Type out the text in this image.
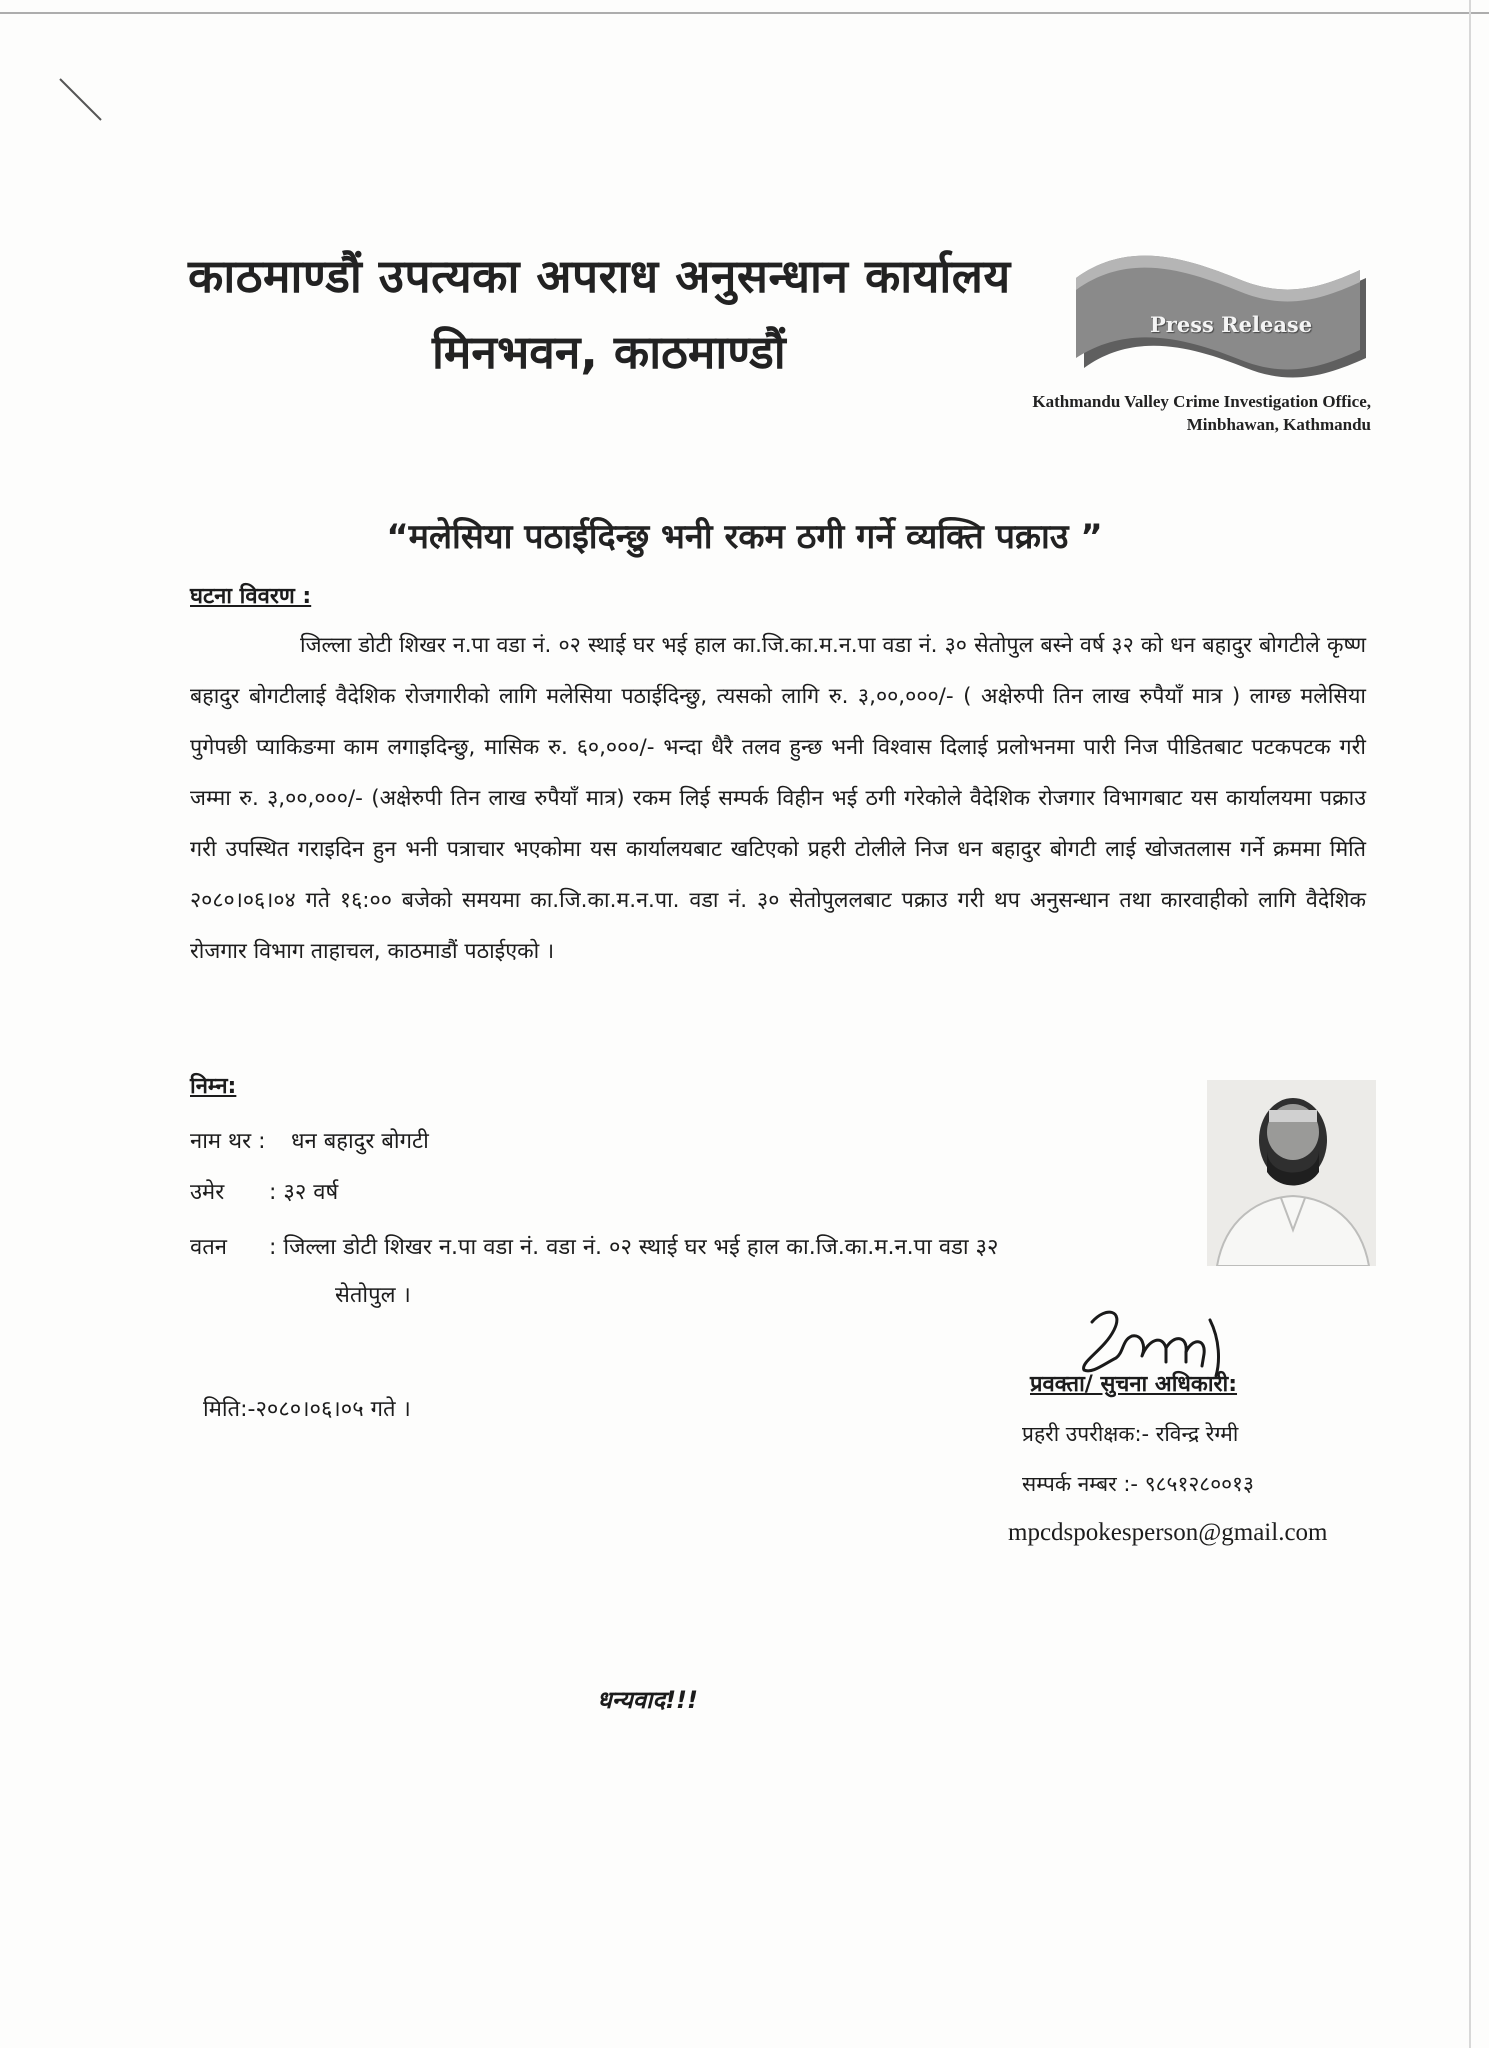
काठमाण्डौं उपत्यका अपराध अनुसन्धान कार्यालय
मिनभवन, काठमाण्डौं
Press Release
Kathmandu Valley Crime Investigation Office,
Minbhawan, Kathmandu
“मलेसिया पठाईदिन्छु भनी रकम ठगी गर्ने व्यक्ति पक्राउ ”
घटना विवरण :

जिल्ला डोटी शिखर न.पा वडा नं. ०२ स्थाई घर भई हाल का.जि.का.म.न.पा वडा नं. ३० सेतोपुल बस्ने वर्ष ३२ को धन बहादुर बोगटीले कृष्ण बहादुर बोगटीलाई वैदेशिक रोजगारीको लागि मलेसिया पठाईदिन्छु, त्यसको लागि रु. ३,००,०००/- ( अक्षेरुपी तिन लाख रुपैयाँ मात्र ) लाग्छ मलेसिया पुगेपछी प्याकिङमा काम लगाइदिन्छु, मासिक रु. ६०,०००/- भन्दा धैरै तलव हुन्छ भनी विश्वास दिलाई प्रलोभनमा पारी निज पीडितबाट पटकपटक गरी जम्मा रु. ३,००,०००/- (अक्षेरुपी तिन लाख रुपैयाँ मात्र) रकम लिई सम्पर्क विहीन भई ठगी गरेकोले वैदेशिक रोजगार विभागबाट यस कार्यालयमा पक्राउ गरी उपस्थित गराइदिन हुन भनी पत्राचार भएकोमा यस कार्यालयबाट खटिएको प्रहरी टोलीले निज धन बहादुर बोगटी लाई खोजतलास गर्ने क्रममा मिति २०८०।०६।०४ गते १६:०० बजेको समयमा का.जि.का.म.न.पा. वडा नं. ३० सेतोपुललबाट पक्राउ गरी थप अनुसन्धान तथा कारवाहीको लागि वैदेशिक रोजगार विभाग ताहाचल, काठमाडौं पठाईएको ।

निम्न:
नाम थर : धन बहादुर बोगटी
उमेर : ३२ वर्ष
वतन : जिल्ला डोटी शिखर न.पा वडा नं. वडा नं. ०२ स्थाई घर भई हाल का.जि.का.म.न.पा वडा ३२
सेतोपुल ।
प्रवक्ता/ सुचना अधिकारी:
प्रहरी उपरीक्षक:- रविन्द्र रेग्मी
सम्पर्क नम्बर :- ९८५१२८००१३
mpcdspokesperson@gmail.com
मिति:-२०८०।०६।०५ गते ।
धन्यवाद!!!
